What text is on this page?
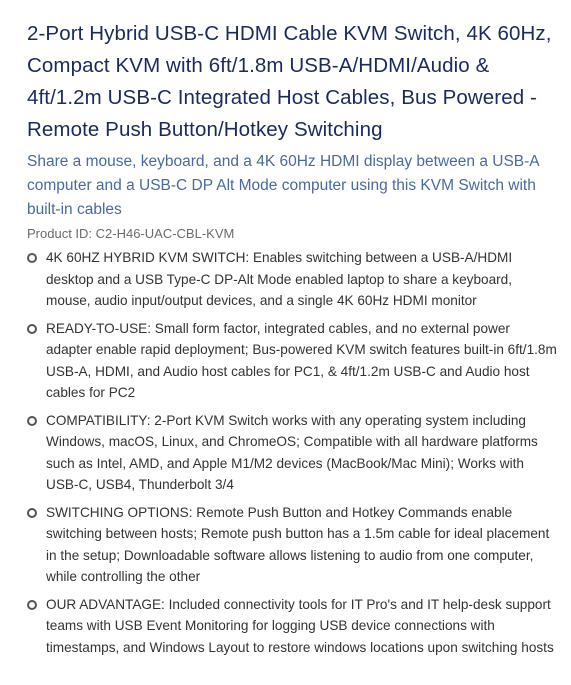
2-Port Hybrid USB-C HDMI Cable KVM Switch, 4K 60Hz, Compact KVM with 6ft/1.8m USB-A/HDMI/Audio & 4ft/1.2m USB-C Integrated Host Cables, Bus Powered - Remote Push Button/Hotkey Switching

Share a mouse, keyboard, and a 4K 60Hz HDMI display between a USB-A computer and a USB-C DP Alt Mode computer using this KVM Switch with built-in cables

Product ID: C2-H46-UAC-CBL-KVM

4K 60HZ HYBRID KVM SWITCH: Enables switching between a USB-A/HDMI desktop and a USB Type-C DP-Alt Mode enabled laptop to share a keyboard, mouse, audio input/output devices, and a single 4K 60Hz HDMI monitor
READY-TO-USE: Small form factor, integrated cables, and no external power adapter enable rapid deployment; Bus-powered KVM switch features built-in 6ft/1.8m USB-A, HDMI, and Audio host cables for PC1, & 4ft/1.2m USB-C and Audio host cables for PC2
COMPATIBILITY: 2-Port KVM Switch works with any operating system including Windows, macOS, Linux, and ChromeOS; Compatible with all hardware platforms such as Intel, AMD, and Apple M1/M2 devices (MacBook/Mac Mini); Works with USB-C, USB4, Thunderbolt 3/4
SWITCHING OPTIONS: Remote Push Button and Hotkey Commands enable switching between hosts; Remote push button has a 1.5m cable for ideal placement in the setup; Downloadable software allows listening to audio from one computer, while controlling the other
OUR ADVANTAGE: Included connectivity tools for IT Pro's and IT help-desk support teams with USB Event Monitoring for logging USB device connections with timestamps, and Windows Layout to restore windows locations upon switching hosts
